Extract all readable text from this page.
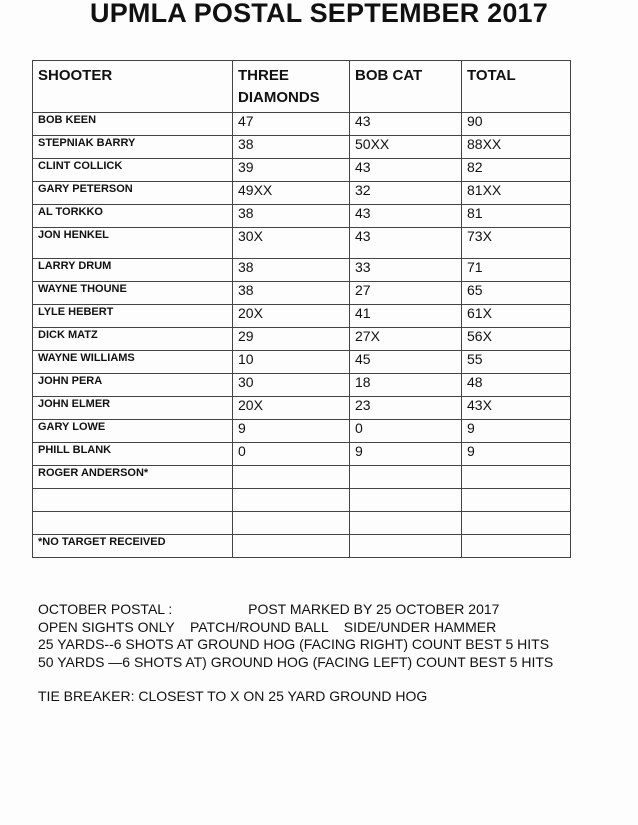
UPMLA POSTAL SEPTEMBER 2017
SHOOTER	THREE DIAMONDS	BOB CAT	TOTAL
BOB KEEN	47	43	90
STEPNIAK BARRY	38	50XX	88XX
CLINT COLLICK	39	43	82
GARY PETERSON	49XX	32	81XX
AL TORKKO	38	43	81
JON HENKEL	30X	43	73X
LARRY DRUM	38	33	71
WAYNE THOUNE	38	27	65
LYLE HEBERT	20X	41	61X
DICK MATZ	29	27X	56X
WAYNE WILLIAMS	10	45	55
JOHN PERA	30	18	48
JOHN ELMER	20X	23	43X
GARY LOWE	9	0	9
PHILL BLANK	0	9	9
ROGER ANDERSON*			

*NO TARGET RECEIVED			
OCTOBER POSTAL :	POST MARKED BY 25 OCTOBER 2017
OPEN SIGHTS ONLY    PATCH/ROUND BALL    SIDE/UNDER HAMMER
25 YARDS--6 SHOTS AT GROUND HOG (FACING RIGHT) COUNT BEST 5 HITS
50 YARDS —6 SHOTS AT) GROUND HOG (FACING LEFT) COUNT BEST 5 HITS
TIE BREAKER: CLOSEST TO X ON 25 YARD GROUND HOG
